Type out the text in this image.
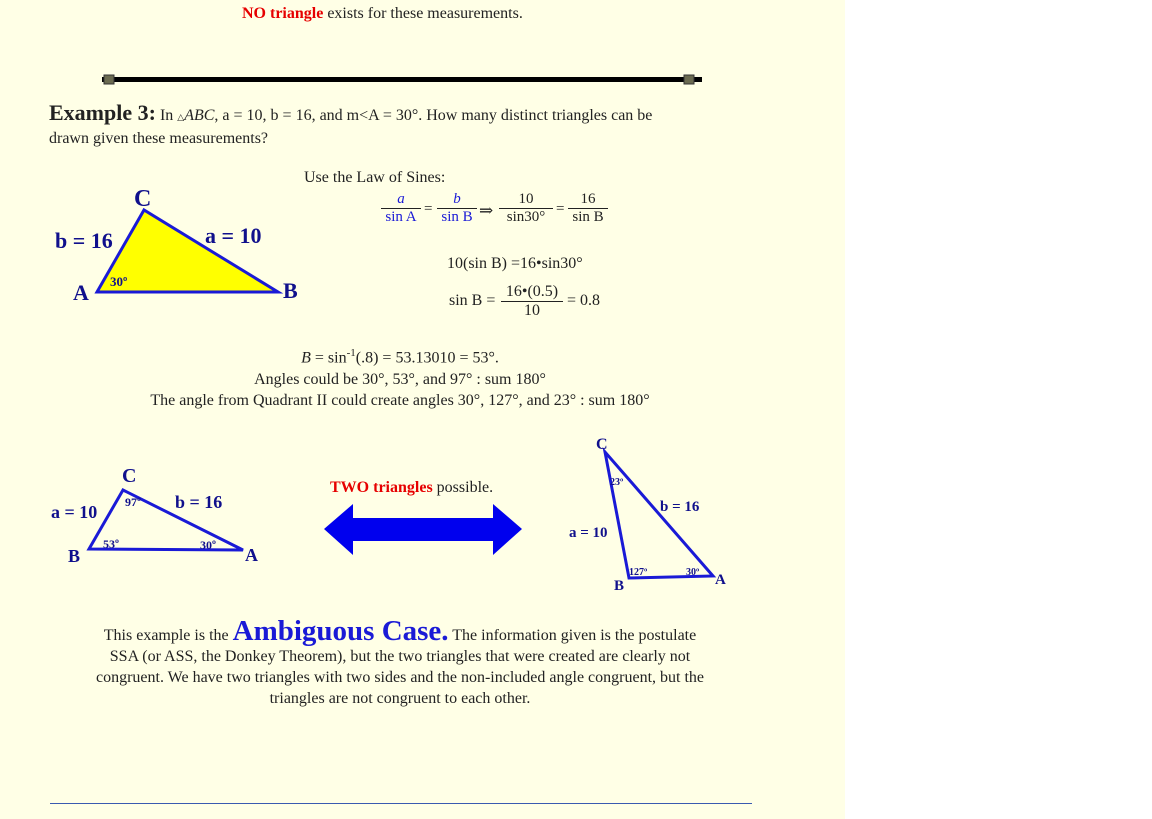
NO triangle exists for these measurements.
Example 3: In △ABC, a = 10, b = 16, and m<A = 30°. How many distinct triangles can be
drawn given these measurements?
C
A	B
b = 16	a = 10
30º
Use the Law of Sines:
$\frac{a}{\text{sin A}} = \frac{b}{\text{sin B}}$ ⇒ $\frac{10}{\sin 30^\circ} = \frac{16}{\text{sin B}}$
10(sin B) =16•sin30°
$\sin B = \frac{16•(0.5)}{10} = 0.8$
$B = \sin^{-1}(.8) = 53.13010 = 53^\circ$.
Angles could be 30°, 53°, and 97° : sum 180°
The angle from Quadrant II could create angles 30°, 127°, and 23° : sum 180°
C
B	A
a = 10	b = 16
97º
53º	30º
TWO triangles possible.
C
B	A
a = 10
b = 16
23º
127º	30º
This example is the Ambiguous Case. The information given is the postulate
SSA (or ASS, the Donkey Theorem), but the two triangles that were created are clearly not
congruent. We have two triangles with two sides and the non-included angle congruent, but the
triangles are not congruent to each other.
